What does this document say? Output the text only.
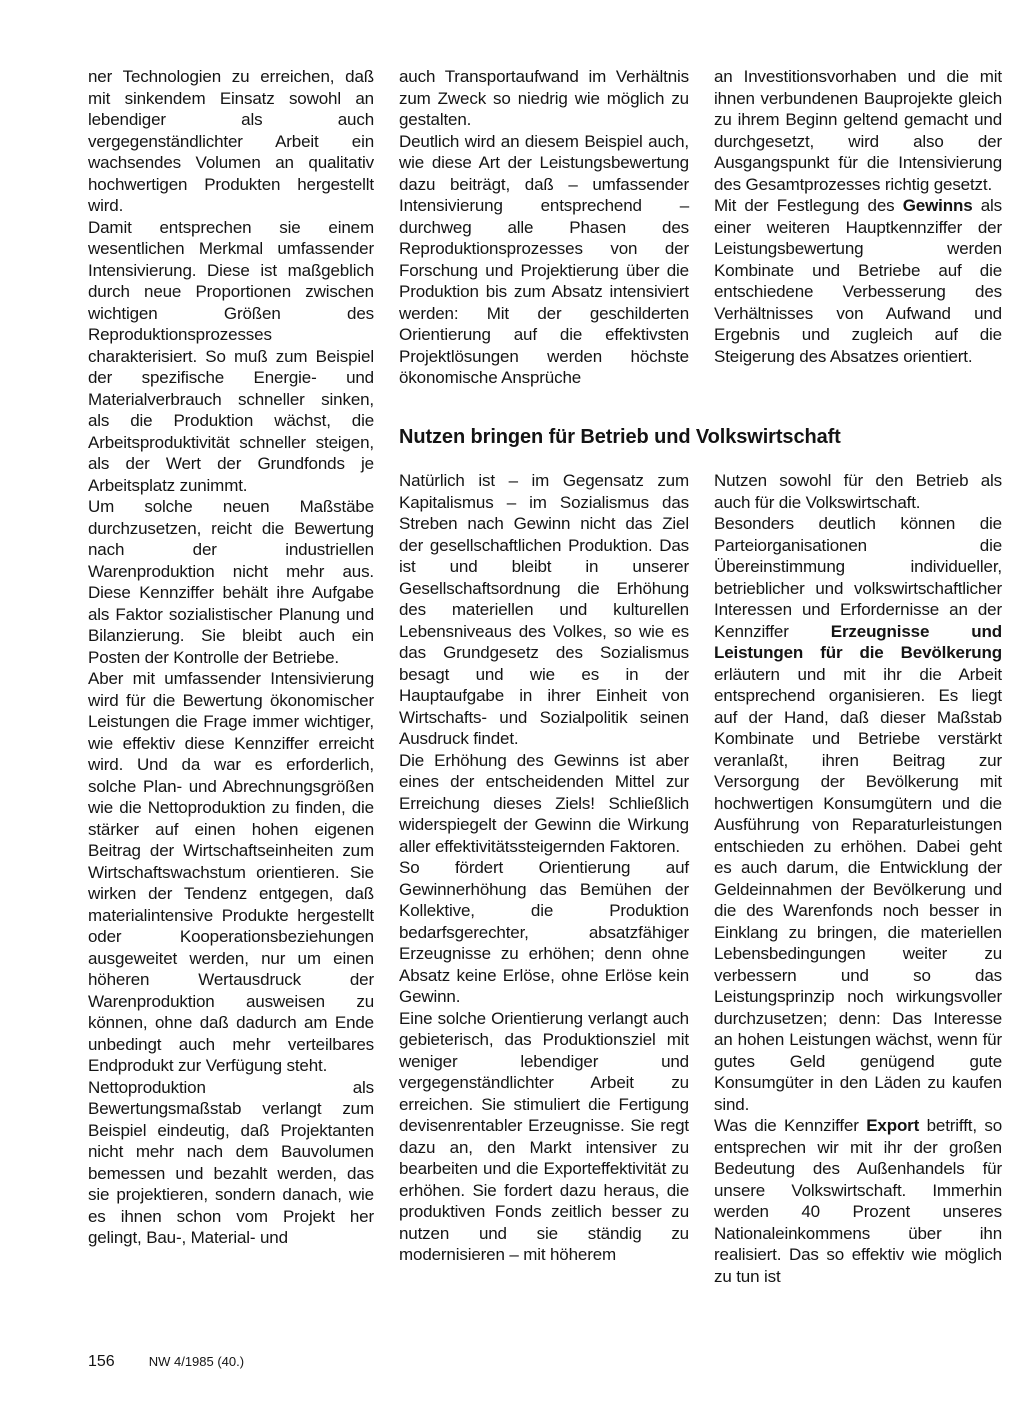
ner Technologien zu erreichen, daß mit sinkendem Einsatz sowohl an lebendiger als auch vergegenständlichter Arbeit ein wachsendes Volumen an qualitativ hochwertigen Produkten hergestellt wird.

Damit entsprechen sie einem wesentlichen Merkmal umfassender Intensivierung. Diese ist maßgeblich durch neue Proportionen zwischen wichtigen Größen des Reproduktionsprozesses charakterisiert. So muß zum Beispiel der spezifische Energie- und Materialverbrauch schneller sinken, als die Produktion wächst, die Arbeitsproduktivität schneller steigen, als der Wert der Grundfonds je Arbeitsplatz zunimmt.

Um solche neuen Maßstäbe durchzusetzen, reicht die Bewertung nach der industriellen Warenproduktion nicht mehr aus. Diese Kennziffer behält ihre Aufgabe als Faktor sozialistischer Planung und Bilanzierung. Sie bleibt auch ein Posten der Kontrolle der Betriebe.

Aber mit umfassender Intensivierung wird für die Bewertung ökonomischer Leistungen die Frage immer wichtiger, wie effektiv diese Kennziffer erreicht wird. Und da war es erforderlich, solche Plan- und Abrechnungsgrößen wie die Nettoproduktion zu finden, die stärker auf einen hohen eigenen Beitrag der Wirtschaftseinheiten zum Wirtschaftswachstum orientieren. Sie wirken der Tendenz entgegen, daß materialintensive Produkte hergestellt oder Kooperationsbeziehungen ausgeweitet werden, nur um einen höheren Wertausdruck der Warenproduktion ausweisen zu können, ohne daß dadurch am Ende unbedingt auch mehr verteilbares Endprodukt zur Verfügung steht.

Nettoproduktion als Bewertungsmaßstab verlangt zum Beispiel eindeutig, daß Projektanten nicht mehr nach dem Bauvolumen bemessen und bezahlt werden, das sie projektieren, sondern danach, wie es ihnen schon vom Projekt her gelingt, Bau-, Material- und

auch Transportaufwand im Verhältnis zum Zweck so niedrig wie möglich zu gestalten.

Deutlich wird an diesem Beispiel auch, wie diese Art der Leistungsbewertung dazu beiträgt, daß – umfassender Intensivierung entsprechend – durchweg alle Phasen des Reproduktionsprozesses von der Forschung und Projektierung über die Produktion bis zum Absatz intensiviert werden: Mit der geschilderten Orientierung auf die effektivsten Projektlösungen werden höchste ökonomische Ansprüche

an Investitionsvorhaben und die mit ihnen verbundenen Bauprojekte gleich zu ihrem Beginn geltend gemacht und durchgesetzt, wird also der Ausgangspunkt für die Intensivierung des Gesamtprozesses richtig gesetzt.

Mit der Festlegung des Gewinns als einer weiteren Hauptkennziffer der Leistungsbewertung werden Kombinate und Betriebe auf die entschiedene Verbesserung des Verhältnisses von Aufwand und Ergebnis und zugleich auf die Steigerung des Absatzes orientiert.

Nutzen bringen für Betrieb und Volkswirtschaft

Natürlich ist – im Gegensatz zum Kapitalismus – im Sozialismus das Streben nach Gewinn nicht das Ziel der gesellschaftlichen Produktion. Das ist und bleibt in unserer Gesellschaftsordnung die Erhöhung des materiellen und kulturellen Lebensniveaus des Volkes, so wie es das Grundgesetz des Sozialismus besagt und wie es in der Hauptaufgabe in ihrer Einheit von Wirtschafts- und Sozialpolitik seinen Ausdruck findet.

Die Erhöhung des Gewinns ist aber eines der entscheidenden Mittel zur Erreichung dieses Ziels! Schließlich widerspiegelt der Gewinn die Wirkung aller effektivitätssteigernden Faktoren.

So fördert Orientierung auf Gewinnerhöhung das Bemühen der Kollektive, die Produktion bedarfsgerechter, absatzfähiger Erzeugnisse zu erhöhen; denn ohne Absatz keine Erlöse, ohne Erlöse kein Gewinn.

Eine solche Orientierung verlangt auch gebieterisch, das Produktionsziel mit weniger lebendiger und vergegenständlichter Arbeit zu erreichen. Sie stimuliert die Fertigung devisenrentabler Erzeugnisse. Sie regt dazu an, den Markt intensiver zu bearbeiten und die Exporteffektivität zu erhöhen. Sie fordert dazu heraus, die produktiven Fonds zeitlich besser zu nutzen und sie ständig zu modernisieren – mit höherem

Nutzen sowohl für den Betrieb als auch für die Volkswirtschaft.

Besonders deutlich können die Parteiorganisationen die Übereinstimmung individueller, betrieblicher und volkswirtschaftlicher Interessen und Erfordernisse an der Kennziffer Erzeugnisse und Leistungen für die Bevölkerung erläutern und mit ihr die Arbeit entsprechend organisieren. Es liegt auf der Hand, daß dieser Maßstab Kombinate und Betriebe verstärkt veranlaßt, ihren Beitrag zur Versorgung der Bevölkerung mit hochwertigen Konsumgütern und die Ausführung von Reparaturleistungen entschieden zu erhöhen. Dabei geht es auch darum, die Entwicklung der Geldeinnahmen der Bevölkerung und die des Warenfonds noch besser in Einklang zu bringen, die materiellen Lebensbedingungen weiter zu verbessern und so das Leistungsprinzip noch wirkungsvoller durchzusetzen; denn: Das Interesse an hohen Leistungen wächst, wenn für gutes Geld genügend gute Konsumgüter in den Läden zu kaufen sind.

Was die Kennziffer Export betrifft, so entsprechen wir mit ihr der großen Bedeutung des Außenhandels für unsere Volkswirtschaft. Immerhin werden 40 Prozent unseres Nationaleinkommens über ihn realisiert. Das so effektiv wie möglich zu tun ist

156	NW 4/1985 (40.)
